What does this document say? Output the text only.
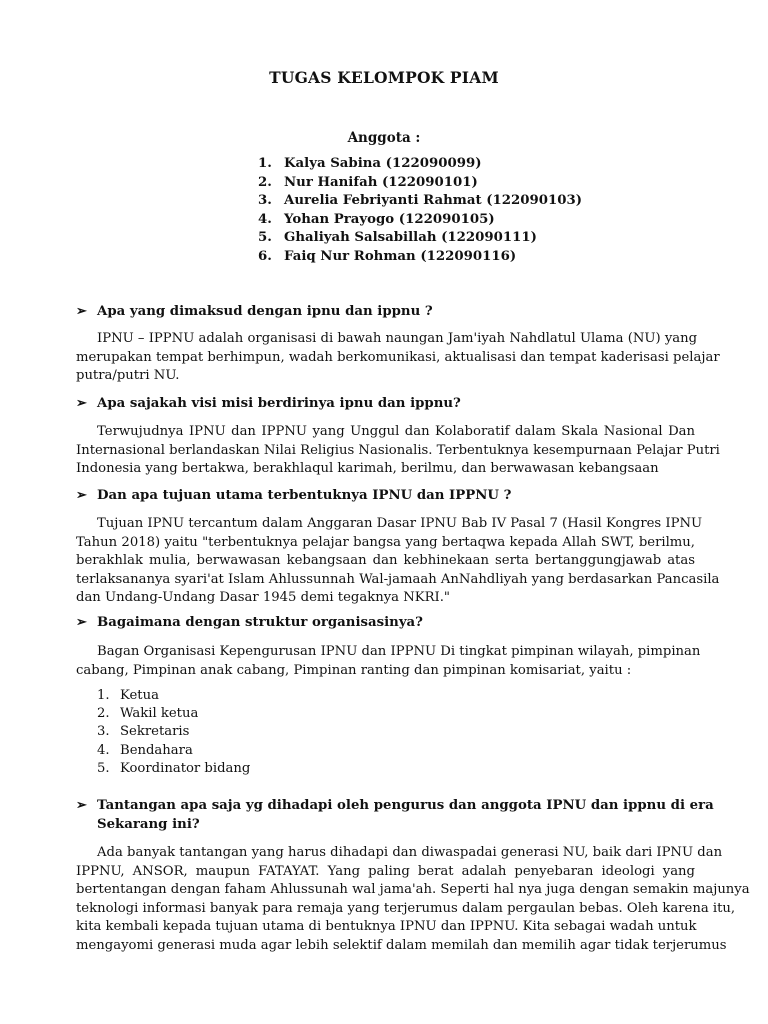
TUGAS KELOMPOK PIAM
Anggota :
1. Kalya Sabina (122090099)
2. Nur Hanifah (122090101)
3. Aurelia Febriyanti Rahmat (122090103)
4. Yohan Prayogo (122090105)
5. Ghaliyah Salsabillah (122090111)
6. Faiq Nur Rohman (122090116)
➢ Apa yang dimaksud dengan ipnu dan ippnu ?
IPNU – IPPNU adalah organisasi di bawah naungan Jam'iyah Nahdlatul Ulama (NU) yang
merupakan tempat berhimpun, wadah berkomunikasi, aktualisasi dan tempat kaderisasi pelajar
putra/putri NU.
➢ Apa sajakah visi misi berdirinya ipnu dan ippnu?
Terwujudnya IPNU dan IPPNU yang Unggul dan Kolaboratif dalam Skala Nasional Dan
Internasional berlandaskan Nilai Religius Nasionalis. Terbentuknya kesempurnaan Pelajar Putri
Indonesia yang bertakwa, berakhlaqul karimah, berilmu, dan berwawasan kebangsaan
➢ Dan apa tujuan utama terbentuknya IPNU dan IPPNU ?
Tujuan IPNU tercantum dalam Anggaran Dasar IPNU Bab IV Pasal 7 (Hasil Kongres IPNU
Tahun 2018) yaitu "terbentuknya pelajar bangsa yang bertaqwa kepada Allah SWT, berilmu,
berakhlak mulia, berwawasan kebangsaan dan kebhinekaan serta bertanggungjawab atas
terlaksananya syari'at Islam Ahlussunnah Wal-jamaah AnNahdliyah yang berdasarkan Pancasila
dan Undang-Undang Dasar 1945 demi tegaknya NKRI."
➢ Bagaimana dengan struktur organisasinya?
Bagan Organisasi Kepengurusan IPNU dan IPPNU Di tingkat pimpinan wilayah, pimpinan
cabang, Pimpinan anak cabang, Pimpinan ranting dan pimpinan komisariat, yaitu :
1. Ketua
2. Wakil ketua
3. Sekretaris
4. Bendahara
5. Koordinator bidang
➢ Tantangan apa saja yg dihadapi oleh pengurus dan anggota IPNU dan ippnu di era
Sekarang ini?
Ada banyak tantangan yang harus dihadapi dan diwaspadai generasi NU, baik dari IPNU dan
IPPNU, ANSOR, maupun FATAYAT. Yang paling berat adalah penyebaran ideologi yang
bertentangan dengan faham Ahlussunah wal jama'ah. Seperti hal nya juga dengan semakin majunya
teknologi informasi banyak para remaja yang terjerumus dalam pergaulan bebas. Oleh karena itu,
kita kembali kepada tujuan utama di bentuknya IPNU dan IPPNU. Kita sebagai wadah untuk
mengayomi generasi muda agar lebih selektif dalam memilah dan memilih agar tidak terjerumus
